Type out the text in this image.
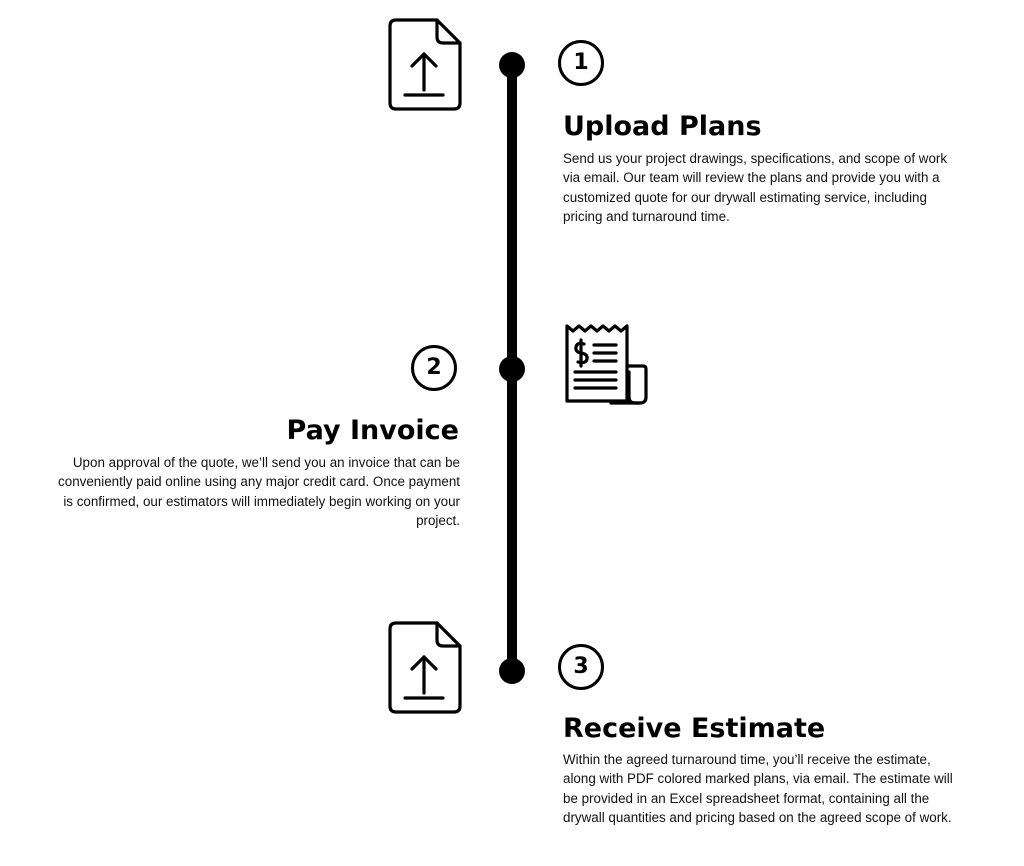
1
Upload Plans

Send us your project drawings, specifications, and scope of work via email. Our team will review the plans and provide you with a customized quote for our drywall estimating service, including pricing and turnaround time.

2
Pay Invoice

Upon approval of the quote, we’ll send you an invoice that can be conveniently paid online using any major credit card. Once payment is confirmed, our estimators will immediately begin working on your project.

3
Receive Estimate

Within the agreed turnaround time, you’ll receive the estimate, along with PDF colored marked plans, via email. The estimate will be provided in an Excel spreadsheet format, containing all the drywall quantities and pricing based on the agreed scope of work.
